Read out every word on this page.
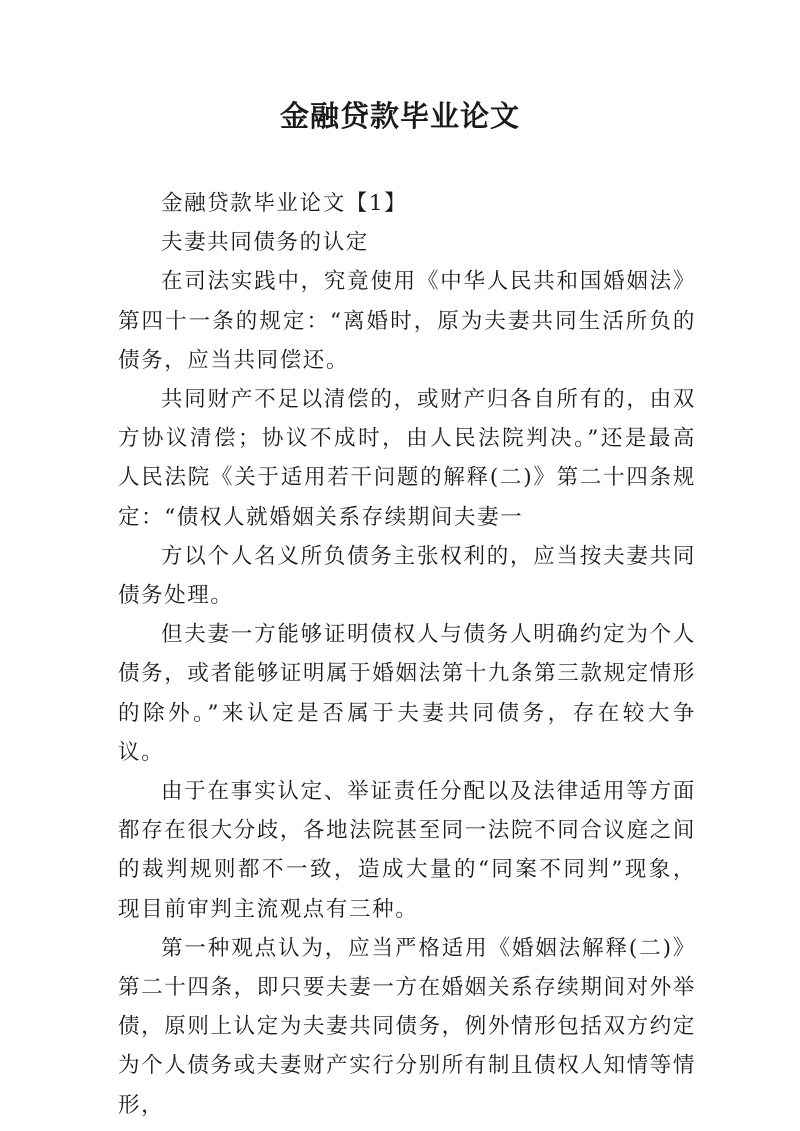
金融贷款毕业论文

金融贷款毕业论文【1】

夫妻共同债务的认定

在司法实践中，究竟使用《中华人民共和国婚姻法》第四十一条的规定：“离婚时，原为夫妻共同生活所负的债务，应当共同偿还。

共同财产不足以清偿的，或财产归各自所有的，由双方协议清偿；协议不成时，由人民法院判决。”还是最高人民法院《关于适用若干问题的解释(二)》第二十四条规定：“债权人就婚姻关系存续期间夫妻一

方以个人名义所负债务主张权利的，应当按夫妻共同债务处理。

但夫妻一方能够证明债权人与债务人明确约定为个人债务，或者能够证明属于婚姻法第十九条第三款规定情形的除外。”来认定是否属于夫妻共同债务，存在较大争议。

由于在事实认定、举证责任分配以及法律适用等方面都存在很大分歧，各地法院甚至同一法院不同合议庭之间的裁判规则都不一致，造成大量的“同案不同判”现象，现目前审判主流观点有三种。

第一种观点认为，应当严格适用《婚姻法解释(二)》第二十四条，即只要夫妻一方在婚姻关系存续期间对外举债，原则上认定为夫妻共同债务，例外情形包括双方约定为个人债务或夫妻财产实行分别所有制且债权人知情等情形，
